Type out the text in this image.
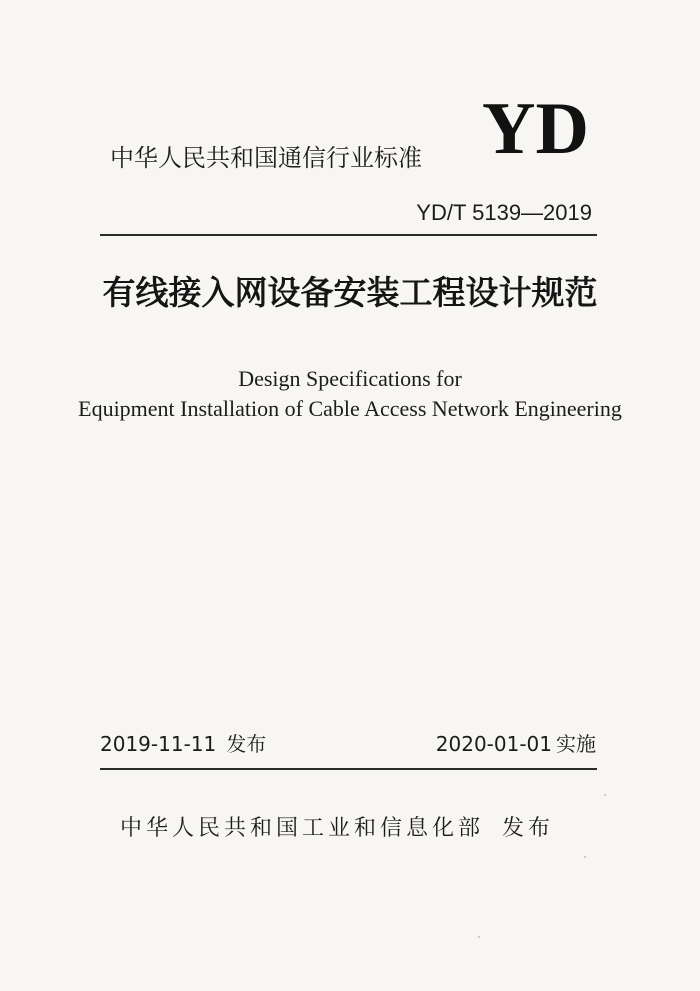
YD
中华人民共和国通信行业标准
YD/T 5139—2019
有线接入网设备安装工程设计规范
Design Specifications for
Equipment Installation of Cable Access Network Engineering
2019-11-11 发布	2020-01-01 实施
中华人民共和国工业和信息化部 发布
